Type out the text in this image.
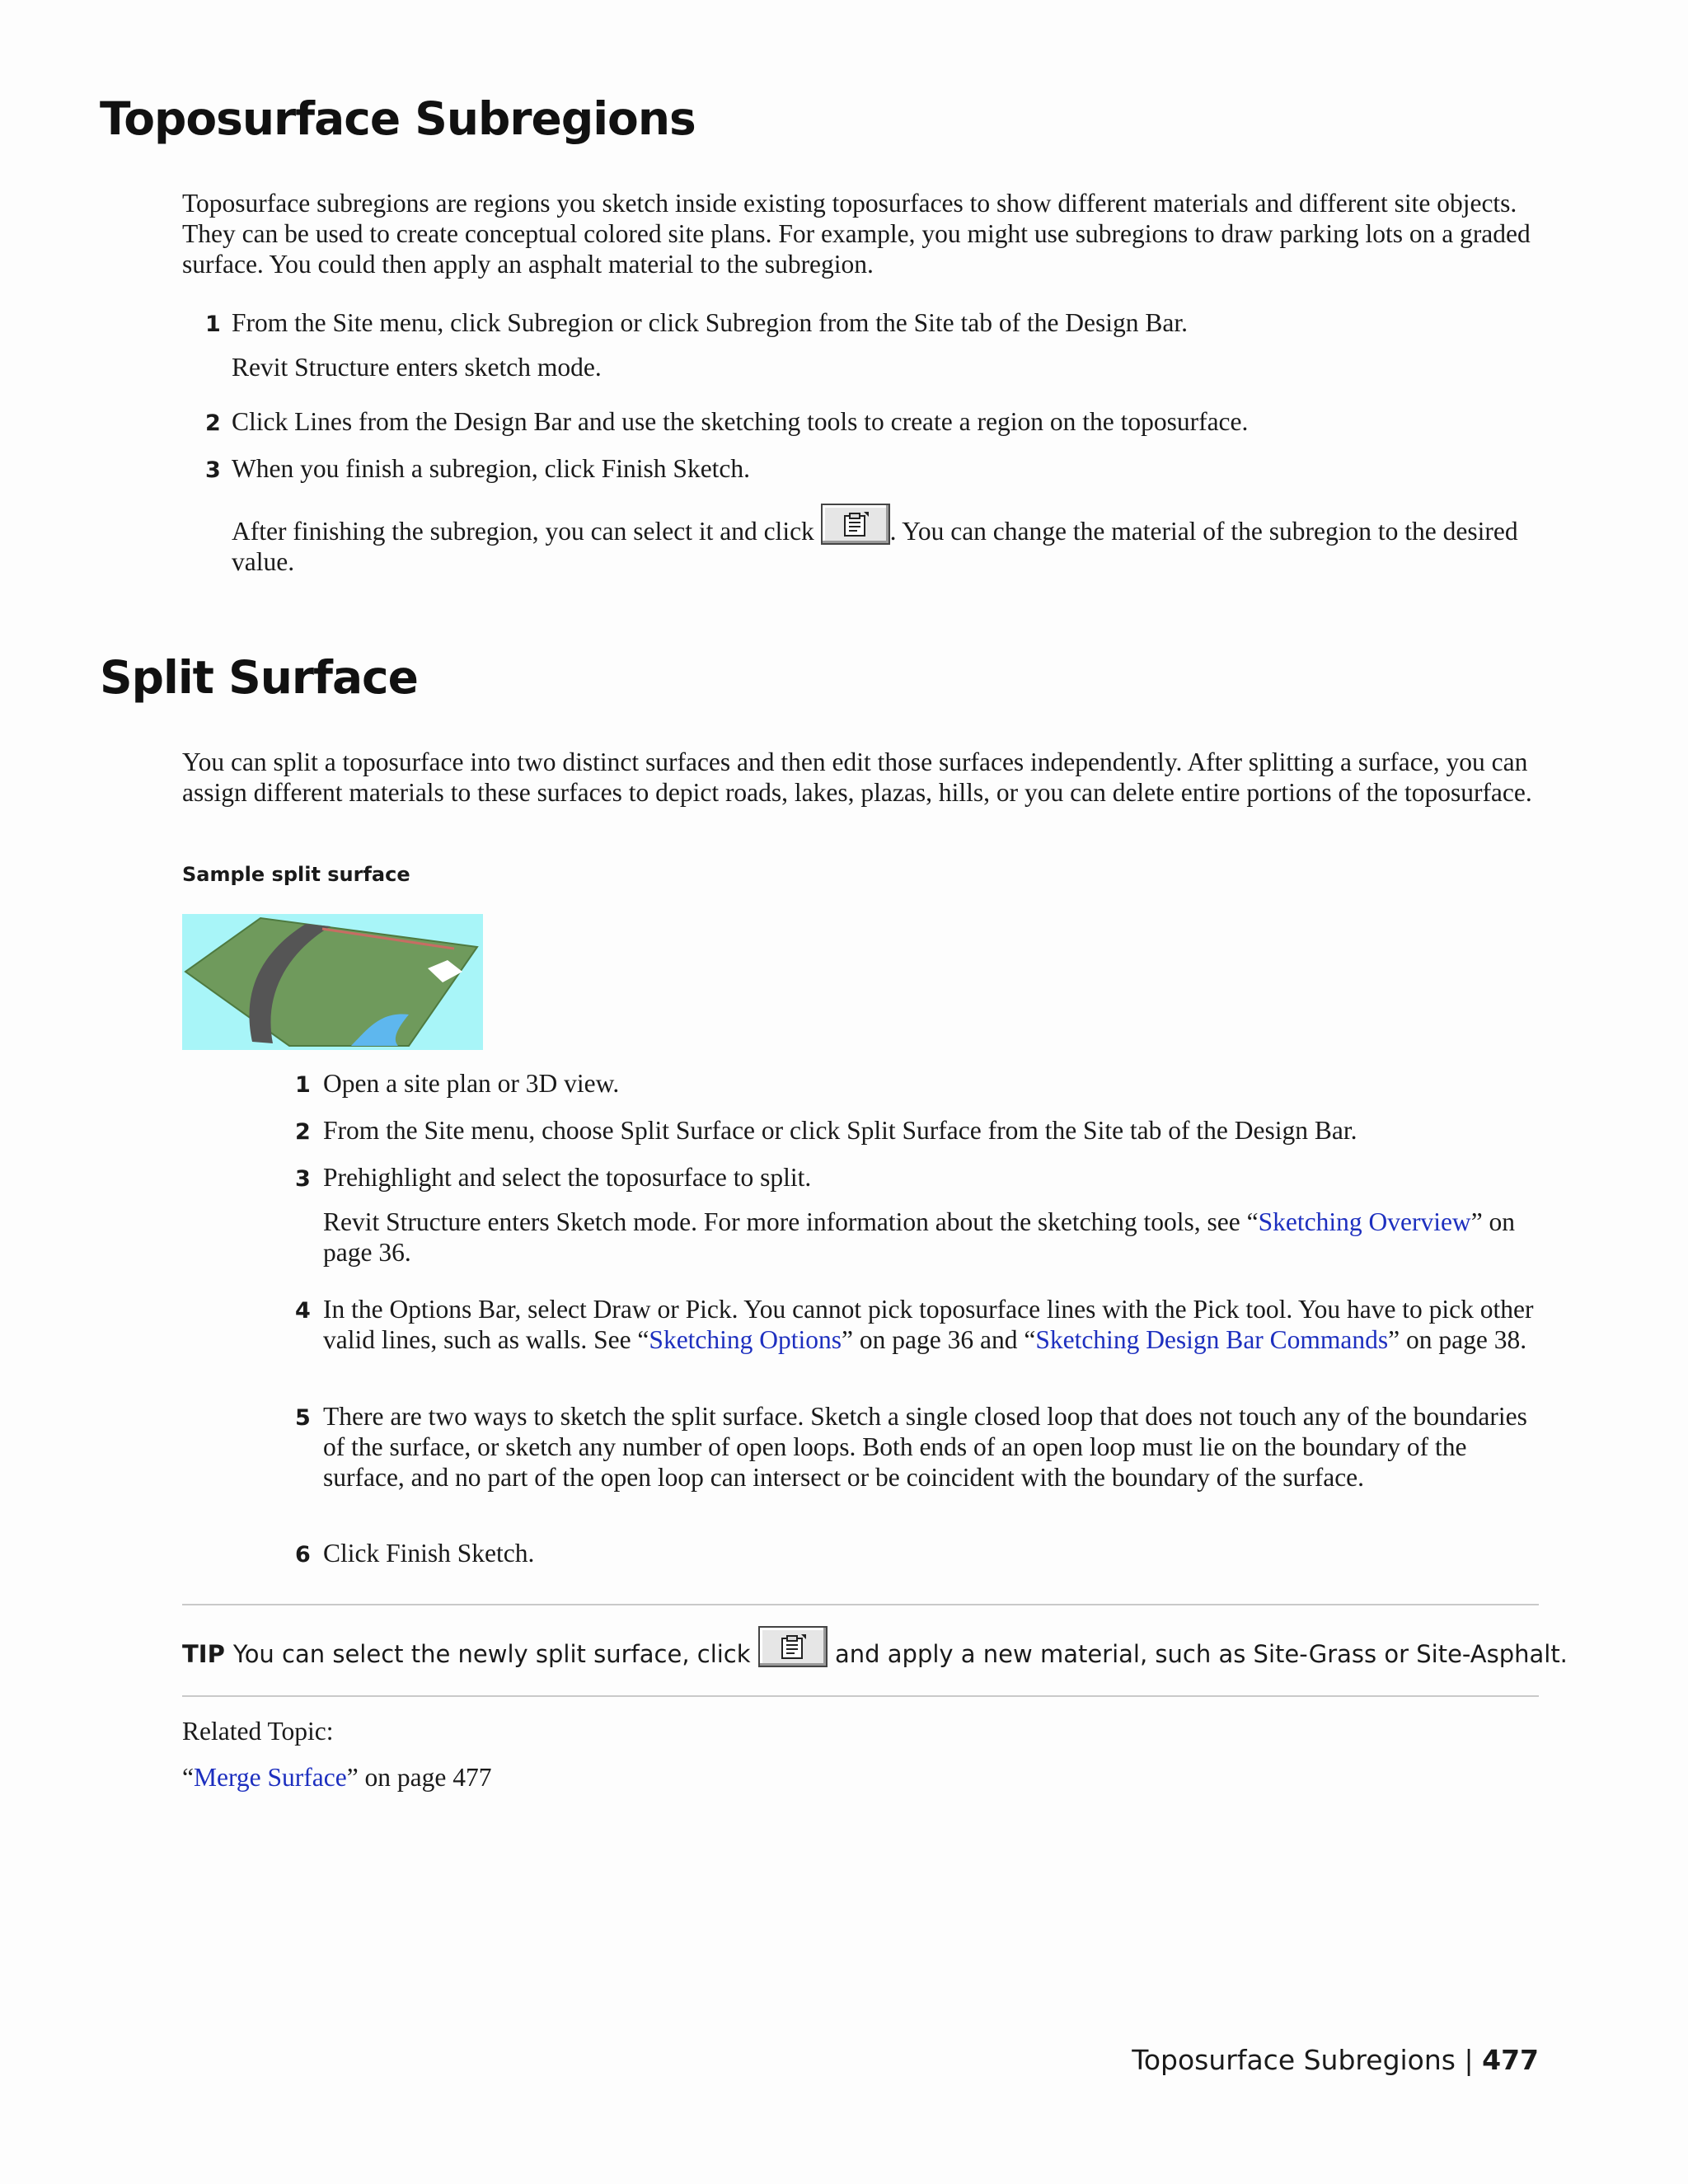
Toposurface Subregions

Toposurface subregions are regions you sketch inside existing toposurfaces to show different materials and different site objects. They can be used to create conceptual colored site plans. For example, you might use subregions to draw parking lots on a graded surface. You could then apply an asphalt material to the subregion.

1 From the Site menu, click Subregion or click Subregion from the Site tab of the Design Bar.
Revit Structure enters sketch mode.
2 Click Lines from the Design Bar and use the sketching tools to create a region on the toposurface.
3 When you finish a subregion, click Finish Sketch.
After finishing the subregion, you can select it and click	. You can change the material of the subregion to the desired value.
Split Surface

You can split a toposurface into two distinct surfaces and then edit those surfaces independently. After splitting a surface, you can assign different materials to these surfaces to depict roads, lakes, plazas, hills, or you can delete entire portions of the toposurface.

Sample split surface

1 Open a site plan or 3D view.
2 From the Site menu, choose Split Surface or click Split Surface from the Site tab of the Design Bar.
3 Prehighlight and select the toposurface to split.
Revit Structure enters Sketch mode. For more information about the sketching tools, see “Sketching Overview” on page 36.
4 In the Options Bar, select Draw or Pick. You cannot pick toposurface lines with the Pick tool. You have to pick other valid lines, such as walls. See “Sketching Options” on page 36 and “Sketching Design Bar Commands” on page 38.
5 There are two ways to sketch the split surface. Sketch a single closed loop that does not touch any of the boundaries of the surface, or sketch any number of open loops. Both ends of an open loop must lie on the boundary of the surface, and no part of the open loop can intersect or be coincident with the boundary of the surface.
6 Click Finish Sketch.

TIP You can select the newly split surface, click	and apply a new material, such as Site-Grass or Site-Asphalt.

Related Topic:
“Merge Surface” on page 477
Toposurface Subregions | 477
